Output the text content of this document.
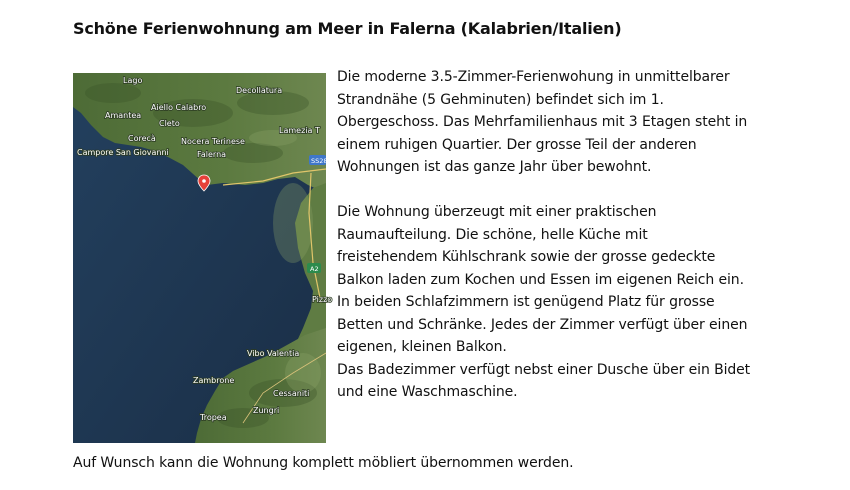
Schöne Ferienwohnung am Meer in Falerna (Kalabrien/Italien)
SS28
A2
Lago
Decollatura
Aiello Calabro
Amantea
Cleto
Lamezia T
Corecà	Nocera Terinese
Campore San Giovanni	Falerna
Pizzo
Vibo Valentia
Zambrone
Cessaniti
Zungri
Tropea

Die moderne 3.5-Zimmer-Ferienwohung in unmittelbarer

Strandnähe (5 Gehminuten) befindet sich im 1.

Obergeschoss. Das Mehrfamilienhaus mit 3 Etagen steht in

einem ruhigen Quartier. Der grosse Teil der anderen

Wohnungen ist das ganze Jahr über bewohnt.

Die Wohnung überzeugt mit einer praktischen

Raumaufteilung. Die schöne, helle Küche mit

freistehendem Kühlschrank sowie der grosse gedeckte

Balkon laden zum Kochen und Essen im eigenen Reich ein.

In beiden Schlafzimmern ist genügend Platz für grosse

Betten und Schränke. Jedes der Zimmer verfügt über einen

eigenen, kleinen Balkon.

Das Badezimmer verfügt nebst einer Dusche über ein Bidet

und eine Waschmaschine.

Auf Wunsch kann die Wohnung komplett möbliert übernommen werden.
